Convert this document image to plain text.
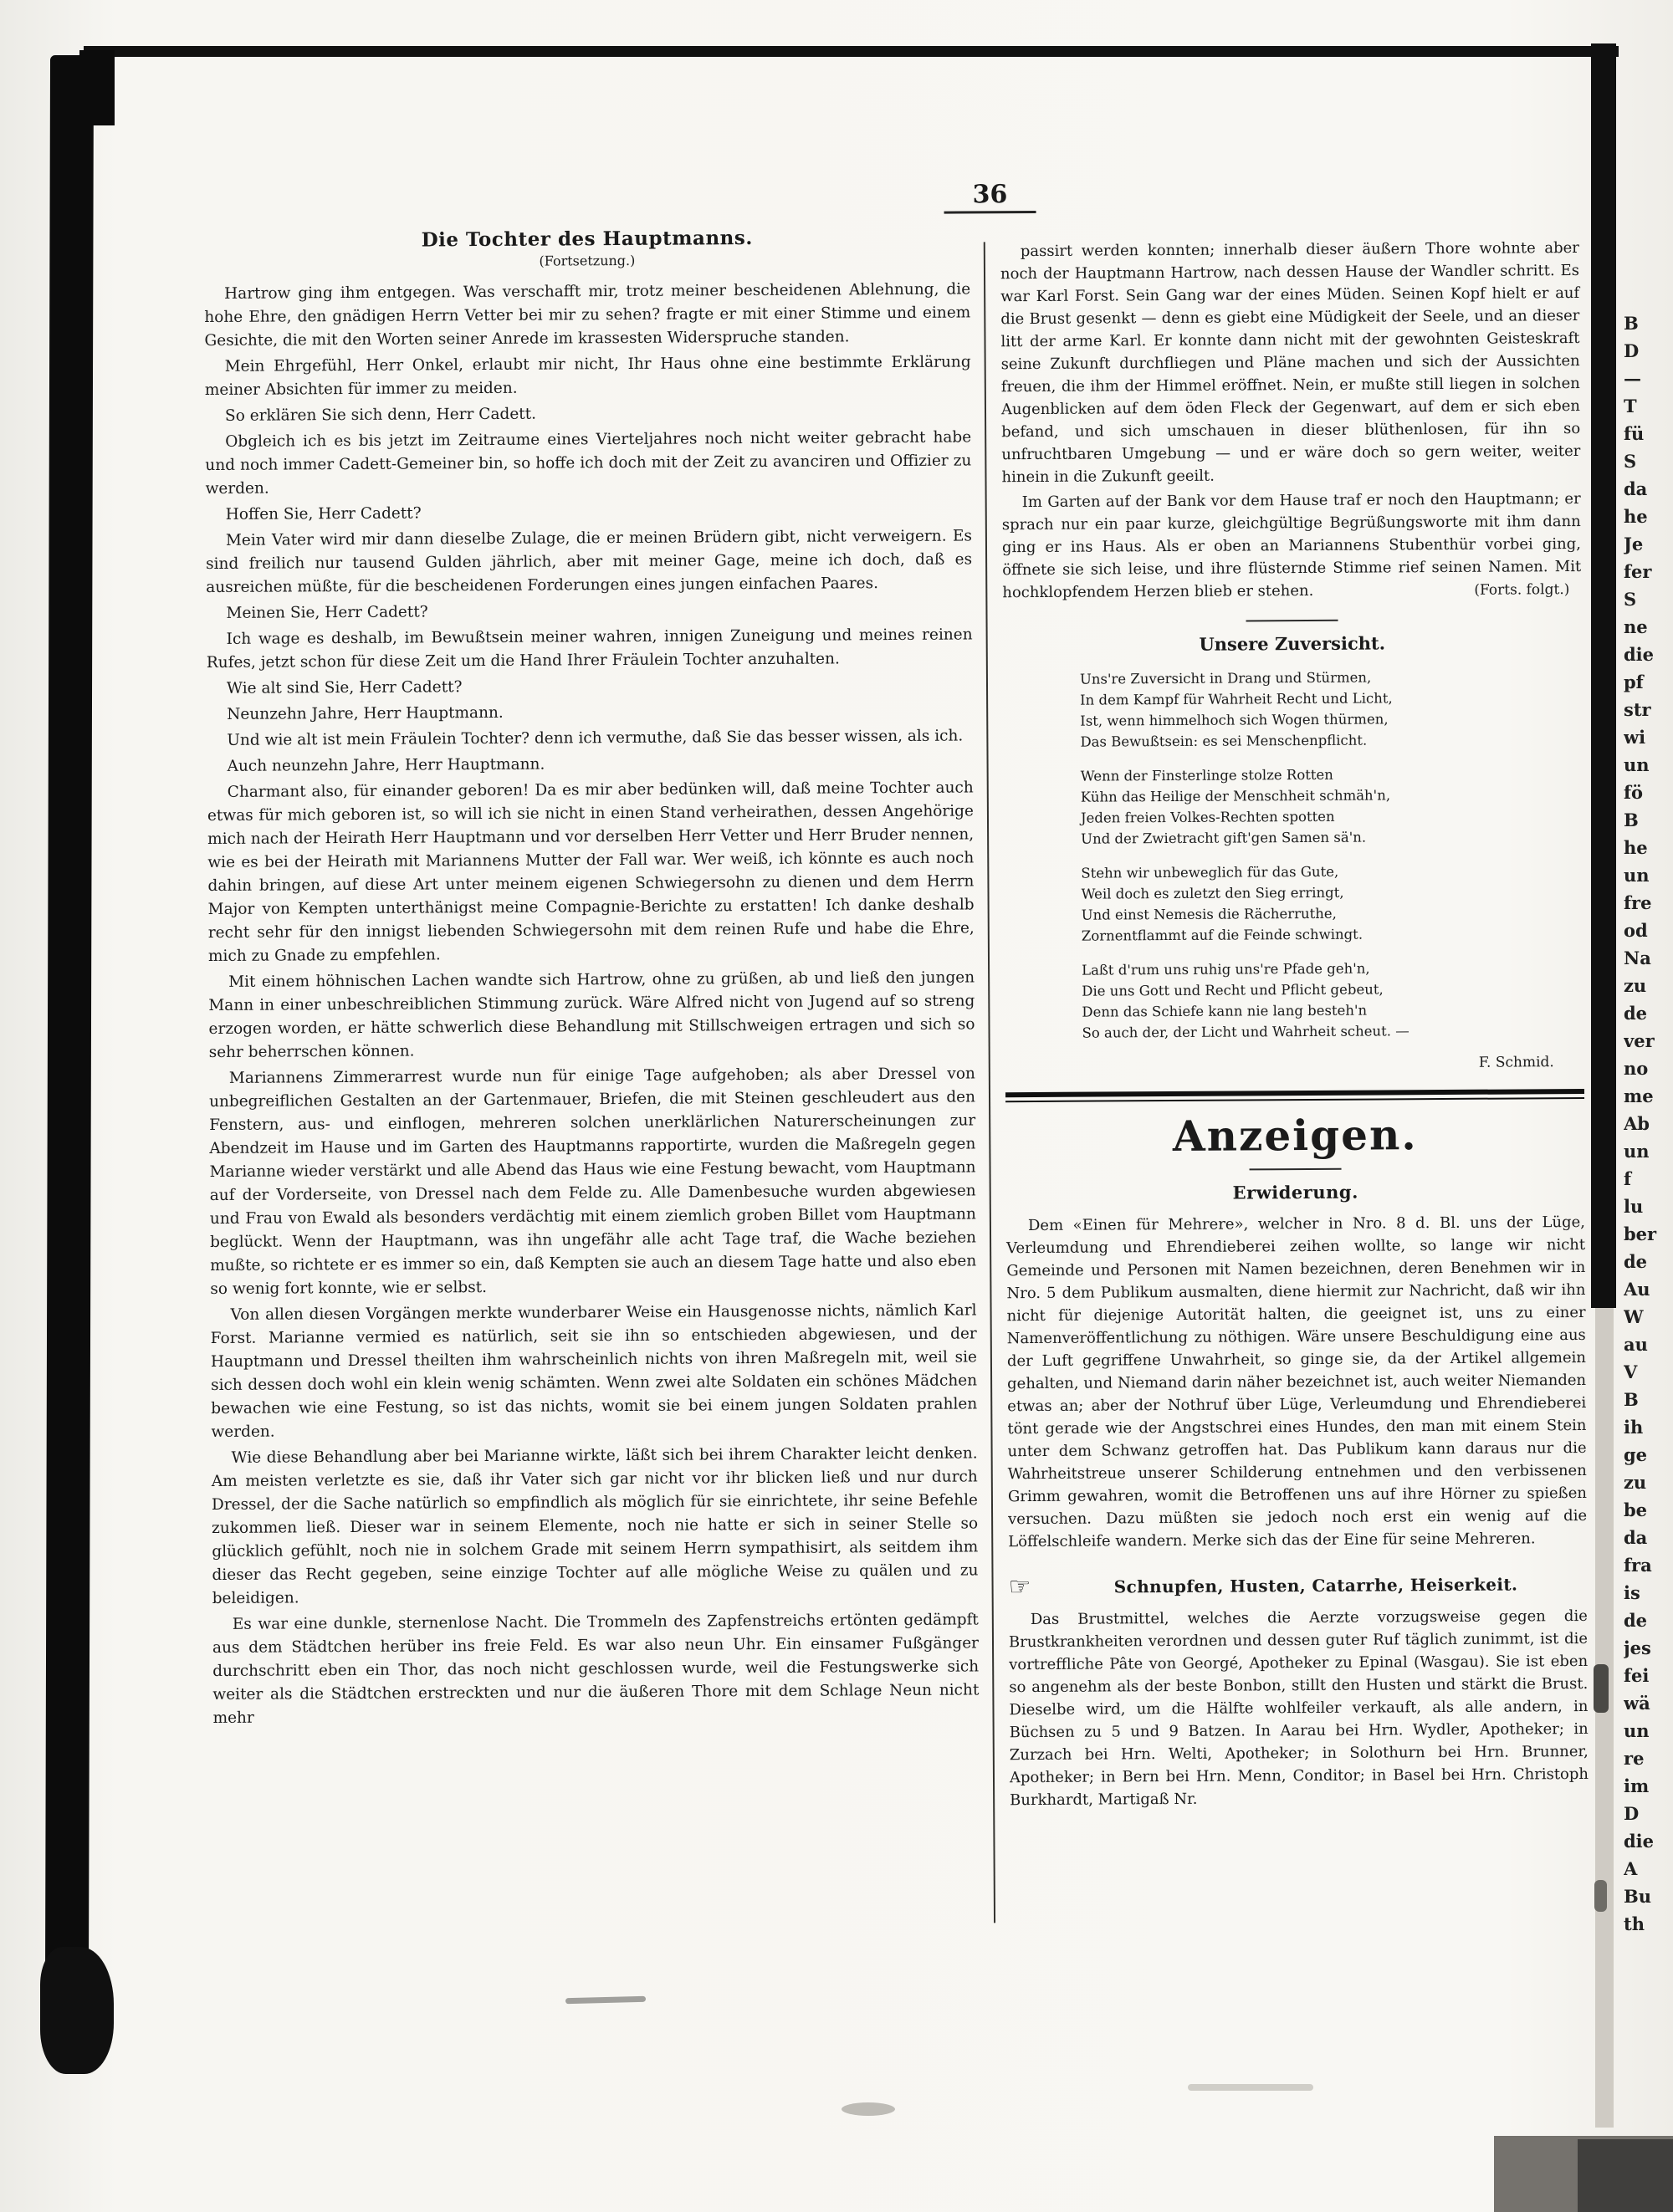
36
Die Tochter des Hauptmanns.
(Fortsetzung.)

Hartrow ging ihm entgegen. Was verschafft mir, trotz meiner bescheidenen Ablehnung, die hohe Ehre, den gnädigen Herrn Vetter bei mir zu sehen? fragte er mit einer Stimme und einem Gesichte, die mit den Worten seiner Anrede im krassesten Widerspruche standen.

Mein Ehrgefühl, Herr Onkel, erlaubt mir nicht, Ihr Haus ohne eine bestimmte Erklärung meiner Absichten für immer zu meiden.

So erklären Sie sich denn, Herr Cadett.

Obgleich ich es bis jetzt im Zeitraume eines Vierteljahres noch nicht weiter gebracht habe und noch immer Cadett-Gemeiner bin, so hoffe ich doch mit der Zeit zu avanciren und Offizier zu werden.

Hoffen Sie, Herr Cadett?

Mein Vater wird mir dann dieselbe Zulage, die er meinen Brüdern gibt, nicht verweigern. Es sind freilich nur tausend Gulden jährlich, aber mit meiner Gage, meine ich doch, daß es ausreichen müßte, für die bescheidenen Forderungen eines jungen einfachen Paares.

Meinen Sie, Herr Cadett?

Ich wage es deshalb, im Bewußtsein meiner wahren, innigen Zuneigung und meines reinen Rufes, jetzt schon für diese Zeit um die Hand Ihrer Fräulein Tochter anzuhalten.

Wie alt sind Sie, Herr Cadett?

Neunzehn Jahre, Herr Hauptmann.

Und wie alt ist mein Fräulein Tochter? denn ich vermuthe, daß Sie das besser wissen, als ich.

Auch neunzehn Jahre, Herr Hauptmann.

Charmant also, für einander geboren! Da es mir aber bedünken will, daß meine Tochter auch etwas für mich geboren ist, so will ich sie nicht in einen Stand verheirathen, dessen Angehörige mich nach der Heirath Herr Hauptmann und vor derselben Herr Vetter und Herr Bruder nennen, wie es bei der Heirath mit Mariannens Mutter der Fall war. Wer weiß, ich könnte es auch noch dahin bringen, auf diese Art unter meinem eigenen Schwiegersohn zu dienen und dem Herrn Major von Kempten unterthänigst meine Compagnie-Berichte zu erstatten! Ich danke deshalb recht sehr für den innigst liebenden Schwiegersohn mit dem reinen Rufe und habe die Ehre, mich zu Gnade zu empfehlen.

Mit einem höhnischen Lachen wandte sich Hartrow, ohne zu grüßen, ab und ließ den jungen Mann in einer unbeschreiblichen Stimmung zurück. Wäre Alfred nicht von Jugend auf so streng erzogen worden, er hätte schwerlich diese Behandlung mit Stillschweigen ertragen und sich so sehr beherrschen können.

Mariannens Zimmerarrest wurde nun für einige Tage aufgehoben; als aber Dressel von unbegreiflichen Gestalten an der Gartenmauer, Briefen, die mit Steinen geschleudert aus den Fenstern, aus- und einflogen, mehreren solchen unerklärlichen Naturerscheinungen zur Abendzeit im Hause und im Garten des Hauptmanns rapportirte, wurden die Maßregeln gegen Marianne wieder verstärkt und alle Abend das Haus wie eine Festung bewacht, vom Hauptmann auf der Vorderseite, von Dressel nach dem Felde zu. Alle Damenbesuche wurden abgewiesen und Frau von Ewald als besonders verdächtig mit einem ziemlich groben Billet vom Hauptmann beglückt. Wenn der Hauptmann, was ihn ungefähr alle acht Tage traf, die Wache beziehen mußte, so richtete er es immer so ein, daß Kempten sie auch an diesem Tage hatte und also eben so wenig fort konnte, wie er selbst.

Von allen diesen Vorgängen merkte wunderbarer Weise ein Hausgenosse nichts, nämlich Karl Forst. Marianne vermied es natürlich, seit sie ihn so entschieden abgewiesen, und der Hauptmann und Dressel theilten ihm wahrscheinlich nichts von ihren Maßregeln mit, weil sie sich dessen doch wohl ein klein wenig schämten. Wenn zwei alte Soldaten ein schönes Mädchen bewachen wie eine Festung, so ist das nichts, womit sie bei einem jungen Soldaten prahlen werden.

Wie diese Behandlung aber bei Marianne wirkte, läßt sich bei ihrem Charakter leicht denken. Am meisten verletzte es sie, daß ihr Vater sich gar nicht vor ihr blicken ließ und nur durch Dressel, der die Sache natürlich so empfindlich als möglich für sie einrichtete, ihr seine Befehle zukommen ließ. Dieser war in seinem Elemente, noch nie hatte er sich in seiner Stelle so glücklich gefühlt, noch nie in solchem Grade mit seinem Herrn sympathisirt, als seitdem ihm dieser das Recht gegeben, seine einzige Tochter auf alle mögliche Weise zu quälen und zu beleidigen.

Es war eine dunkle, sternenlose Nacht. Die Trommeln des Zapfenstreichs ertönten gedämpft aus dem Städtchen herüber ins freie Feld. Es war also neun Uhr. Ein einsamer Fußgänger durchschritt eben ein Thor, das noch nicht geschlossen wurde, weil die Festungswerke sich weiter als die Städtchen erstreckten und nur die äußeren Thore mit dem Schlage Neun nicht mehr

passirt werden konnten; innerhalb dieser äußern Thore wohnte aber noch der Hauptmann Hartrow, nach dessen Hause der Wandler schritt. Es war Karl Forst. Sein Gang war der eines Müden. Seinen Kopf hielt er auf die Brust gesenkt — denn es giebt eine Müdigkeit der Seele, und an dieser litt der arme Karl. Er konnte dann nicht mit der gewohnten Geisteskraft seine Zukunft durchfliegen und Pläne machen und sich der Aussichten freuen, die ihm der Himmel eröffnet. Nein, er mußte still liegen in solchen Augenblicken auf dem öden Fleck der Gegenwart, auf dem er sich eben befand, und sich umschauen in dieser blüthenlosen, für ihn so unfruchtbaren Umgebung — und er wäre doch so gern weiter, weiter hinein in die Zukunft geeilt.

Im Garten auf der Bank vor dem Hause traf er noch den Hauptmann; er sprach nur ein paar kurze, gleichgültige Begrüßungsworte mit ihm dann ging er ins Haus. Als er oben an Mariannens Stubenthür vorbei ging, öffnete sie sich leise, und ihre flüsternde Stimme rief seinen Namen. Mit hochklopfendem Herzen blieb er stehen.	(Forts. folgt.)
Unsere Zuversicht.
Uns're Zuversicht in Drang und Stürmen,
In dem Kampf für Wahrheit Recht und Licht,
Ist, wenn himmelhoch sich Wogen thürmen,
Das Bewußtsein: es sei Menschenpflicht.
Wenn der Finsterlinge stolze Rotten
Kühn das Heilige der Menschheit schmäh'n,
Jeden freien Volkes-Rechten spotten
Und der Zwietracht gift'gen Samen sä'n.
Stehn wir unbeweglich für das Gute,
Weil doch es zuletzt den Sieg erringt,
Und einst Nemesis die Rächerruthe,
Zornentflammt auf die Feinde schwingt.
Laßt d'rum uns ruhig uns're Pfade geh'n,
Die uns Gott und Recht und Pflicht gebeut,
Denn das Schiefe kann nie lang besteh'n
So auch der, der Licht und Wahrheit scheut. —
F. Schmid.
Anzeigen.
Erwiderung.

Dem «Einen für Mehrere», welcher in Nro. 8 d. Bl. uns der Lüge, Verleumdung und Ehrendieberei zeihen wollte, so lange wir nicht Gemeinde und Personen mit Namen bezeichnen, deren Benehmen wir in Nro. 5 dem Publikum ausmalten, diene hiermit zur Nachricht, daß wir ihn nicht für diejenige Autorität halten, die geeignet ist, uns zu einer Namenveröffentlichung zu nöthigen. Wäre unsere Beschuldigung eine aus der Luft gegriffene Unwahrheit, so ginge sie, da der Artikel allgemein gehalten, und Niemand darin näher bezeichnet ist, auch weiter Niemanden etwas an; aber der Nothruf über Lüge, Verleumdung und Ehrendieberei tönt gerade wie der Angstschrei eines Hundes, den man mit einem Stein unter dem Schwanz getroffen hat. Das Publikum kann daraus nur die Wahrheitstreue unserer Schilderung entnehmen und den verbissenen Grimm gewahren, womit die Betroffenen uns auf ihre Hörner zu spießen versuchen. Dazu müßten sie jedoch noch erst ein wenig auf die Löffelschleife wandern. Merke sich das der Eine für seine Mehreren.

☞	Schnupfen, Husten, Catarrhe, Heiserkeit.

Das Brustmittel, welches die Aerzte vorzugsweise gegen die Brustkrankheiten verordnen und dessen guter Ruf täglich zunimmt, ist die vortreffliche Pâte von Georgé, Apotheker zu Epinal (Wasgau). Sie ist eben so angenehm als der beste Bonbon, stillt den Husten und stärkt die Brust. Dieselbe wird, um die Hälfte wohlfeiler verkauft, als alle andern, in Büchsen zu 5 und 9 Batzen. In Aarau bei Hrn. Wydler, Apotheker; in Zurzach bei Hrn. Welti, Apotheker; in Solothurn bei Hrn. Brunner, Apotheker; in Bern bei Hrn. Menn, Conditor; in Basel bei Hrn. Christoph Burkhardt, Martigaß Nr.

B
D
—
T
fü
S
da
he
Je
fer
S
ne
die
pf
str
wi
un
fö
B
he
un
fre
od
Na
zu
de
ver
no
me
Ab
un
f
lu
ber
de
Au
W
au
V
B
ih
ge
zu
be
da
fra
is
de
jes
fei
wä
un
re
im
D
die
A
Bu
th
